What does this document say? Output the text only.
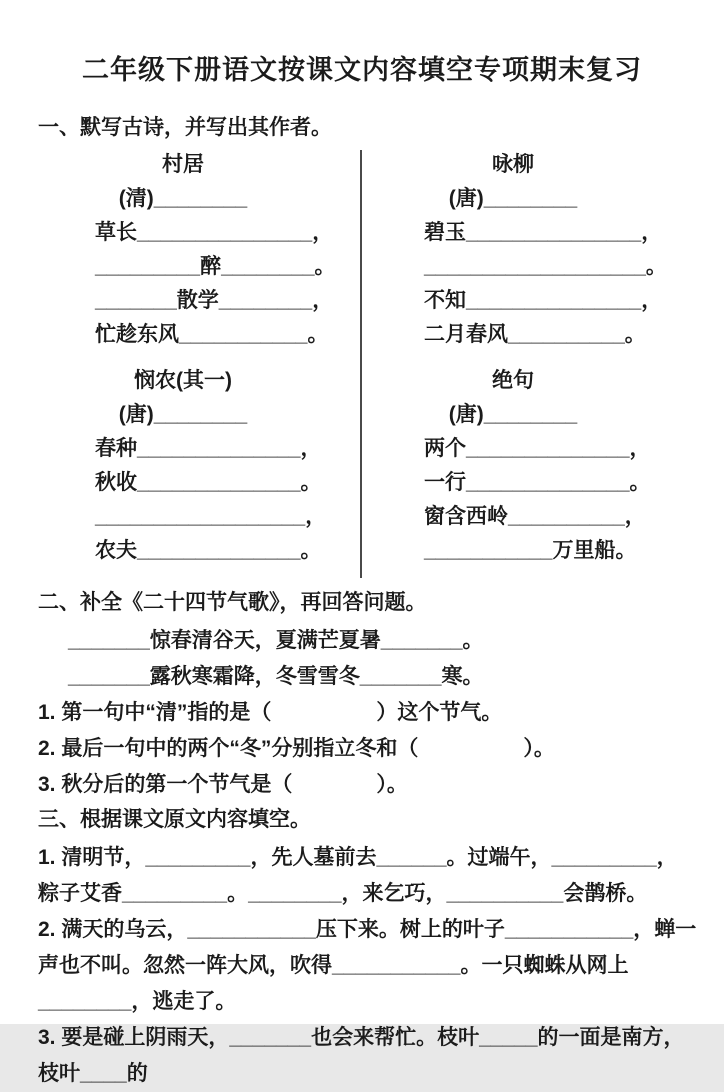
二年级下册语文按课文内容填空专项期末复习
一、默写古诗，并写出其作者。
村居
(清)________
草长_______________，
_________醉________。
_______散学________，
忙趁东风___________。
悯农(其一)
(唐)________
春种______________，
秋收______________。
__________________，
农夫______________。
咏柳
(唐)________
碧玉_______________，
___________________。
不知_______________，
二月春风__________。
绝句
(唐)________
两个______________，
一行______________。
窗含西岭__________，
___________万里船。
二、补全《二十四节气歌》，再回答问题。
_______惊春清谷天，夏满芒夏暑_______。
_______露秋寒霜降，冬雪雪冬_______寒。
1. 第一句中“清”指的是（　　　　　）这个节气。
2. 最后一句中的两个“冬”分别指立冬和（　　　　　）。
3. 秋分后的第一个节气是（　　　　）。
三、根据课文原文内容填空。

1. 清明节，_________，先人墓前去______。过端午，_________，粽子艾香_________。________，来乞巧，__________会鹊桥。

2. 满天的乌云，___________压下来。树上的叶子___________，蝉一声也不叫。忽然一阵大风，吹得___________。一只蜘蛛从网上________，逃走了。

3. 要是碰上阴雨天，_______也会来帮忙。枝叶_____的一面是南方，枝叶____的
